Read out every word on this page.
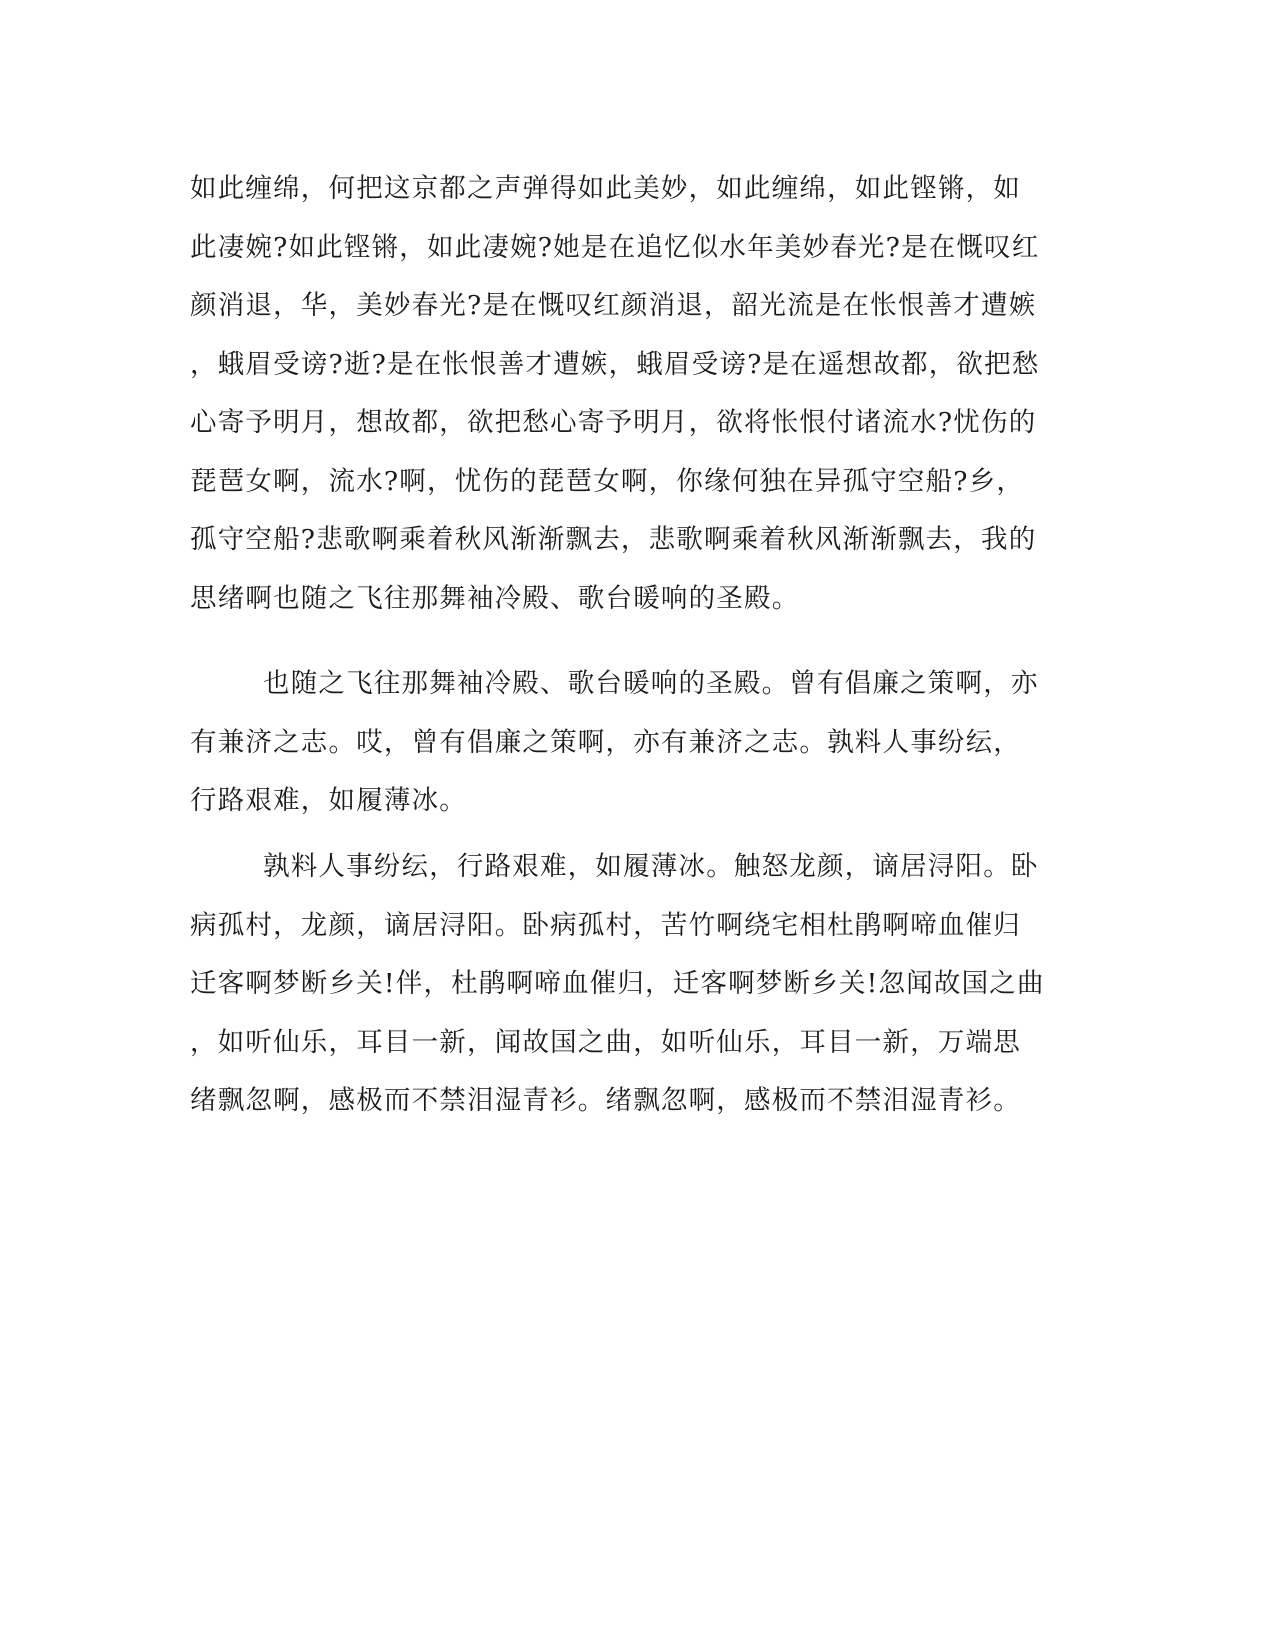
如此缠绵，何把这京都之声弹得如此美妙，如此缠绵，如此铿锵，如
此凄婉?如此铿锵，如此凄婉?她是在追忆似水年美妙春光?是在慨叹红
颜消退，华，美妙春光?是在慨叹红颜消退，韶光流是在怅恨善才遭嫉
，蛾眉受谤?逝?是在怅恨善才遭嫉，蛾眉受谤?是在遥想故都，欲把愁
心寄予明月，想故都，欲把愁心寄予明月，欲将怅恨付诸流水?忧伤的
琵琶女啊，流水?啊，忧伤的琵琶女啊，你缘何独在异孤守空船?乡，
孤守空船?悲歌啊乘着秋风渐渐飘去，悲歌啊乘着秋风渐渐飘去，我的
思绪啊也随之飞往那舞袖冷殿、歌台暖响的圣殿。
也随之飞往那舞袖冷殿、歌台暖响的圣殿。曾有倡廉之策啊，亦
有兼济之志。哎，曾有倡廉之策啊，亦有兼济之志。孰料人事纷纭，
行路艰难，如履薄冰。
孰料人事纷纭，行路艰难，如履薄冰。触怒龙颜，谪居浔阳。卧
病孤村，龙颜，谪居浔阳。卧病孤村，苦竹啊绕宅相杜鹃啊啼血催归
迁客啊梦断乡关!伴，杜鹃啊啼血催归，迁客啊梦断乡关!忽闻故国之曲
，如听仙乐，耳目一新，闻故国之曲，如听仙乐，耳目一新，万端思
绪飘忽啊，感极而不禁泪湿青衫。绪飘忽啊，感极而不禁泪湿青衫。
